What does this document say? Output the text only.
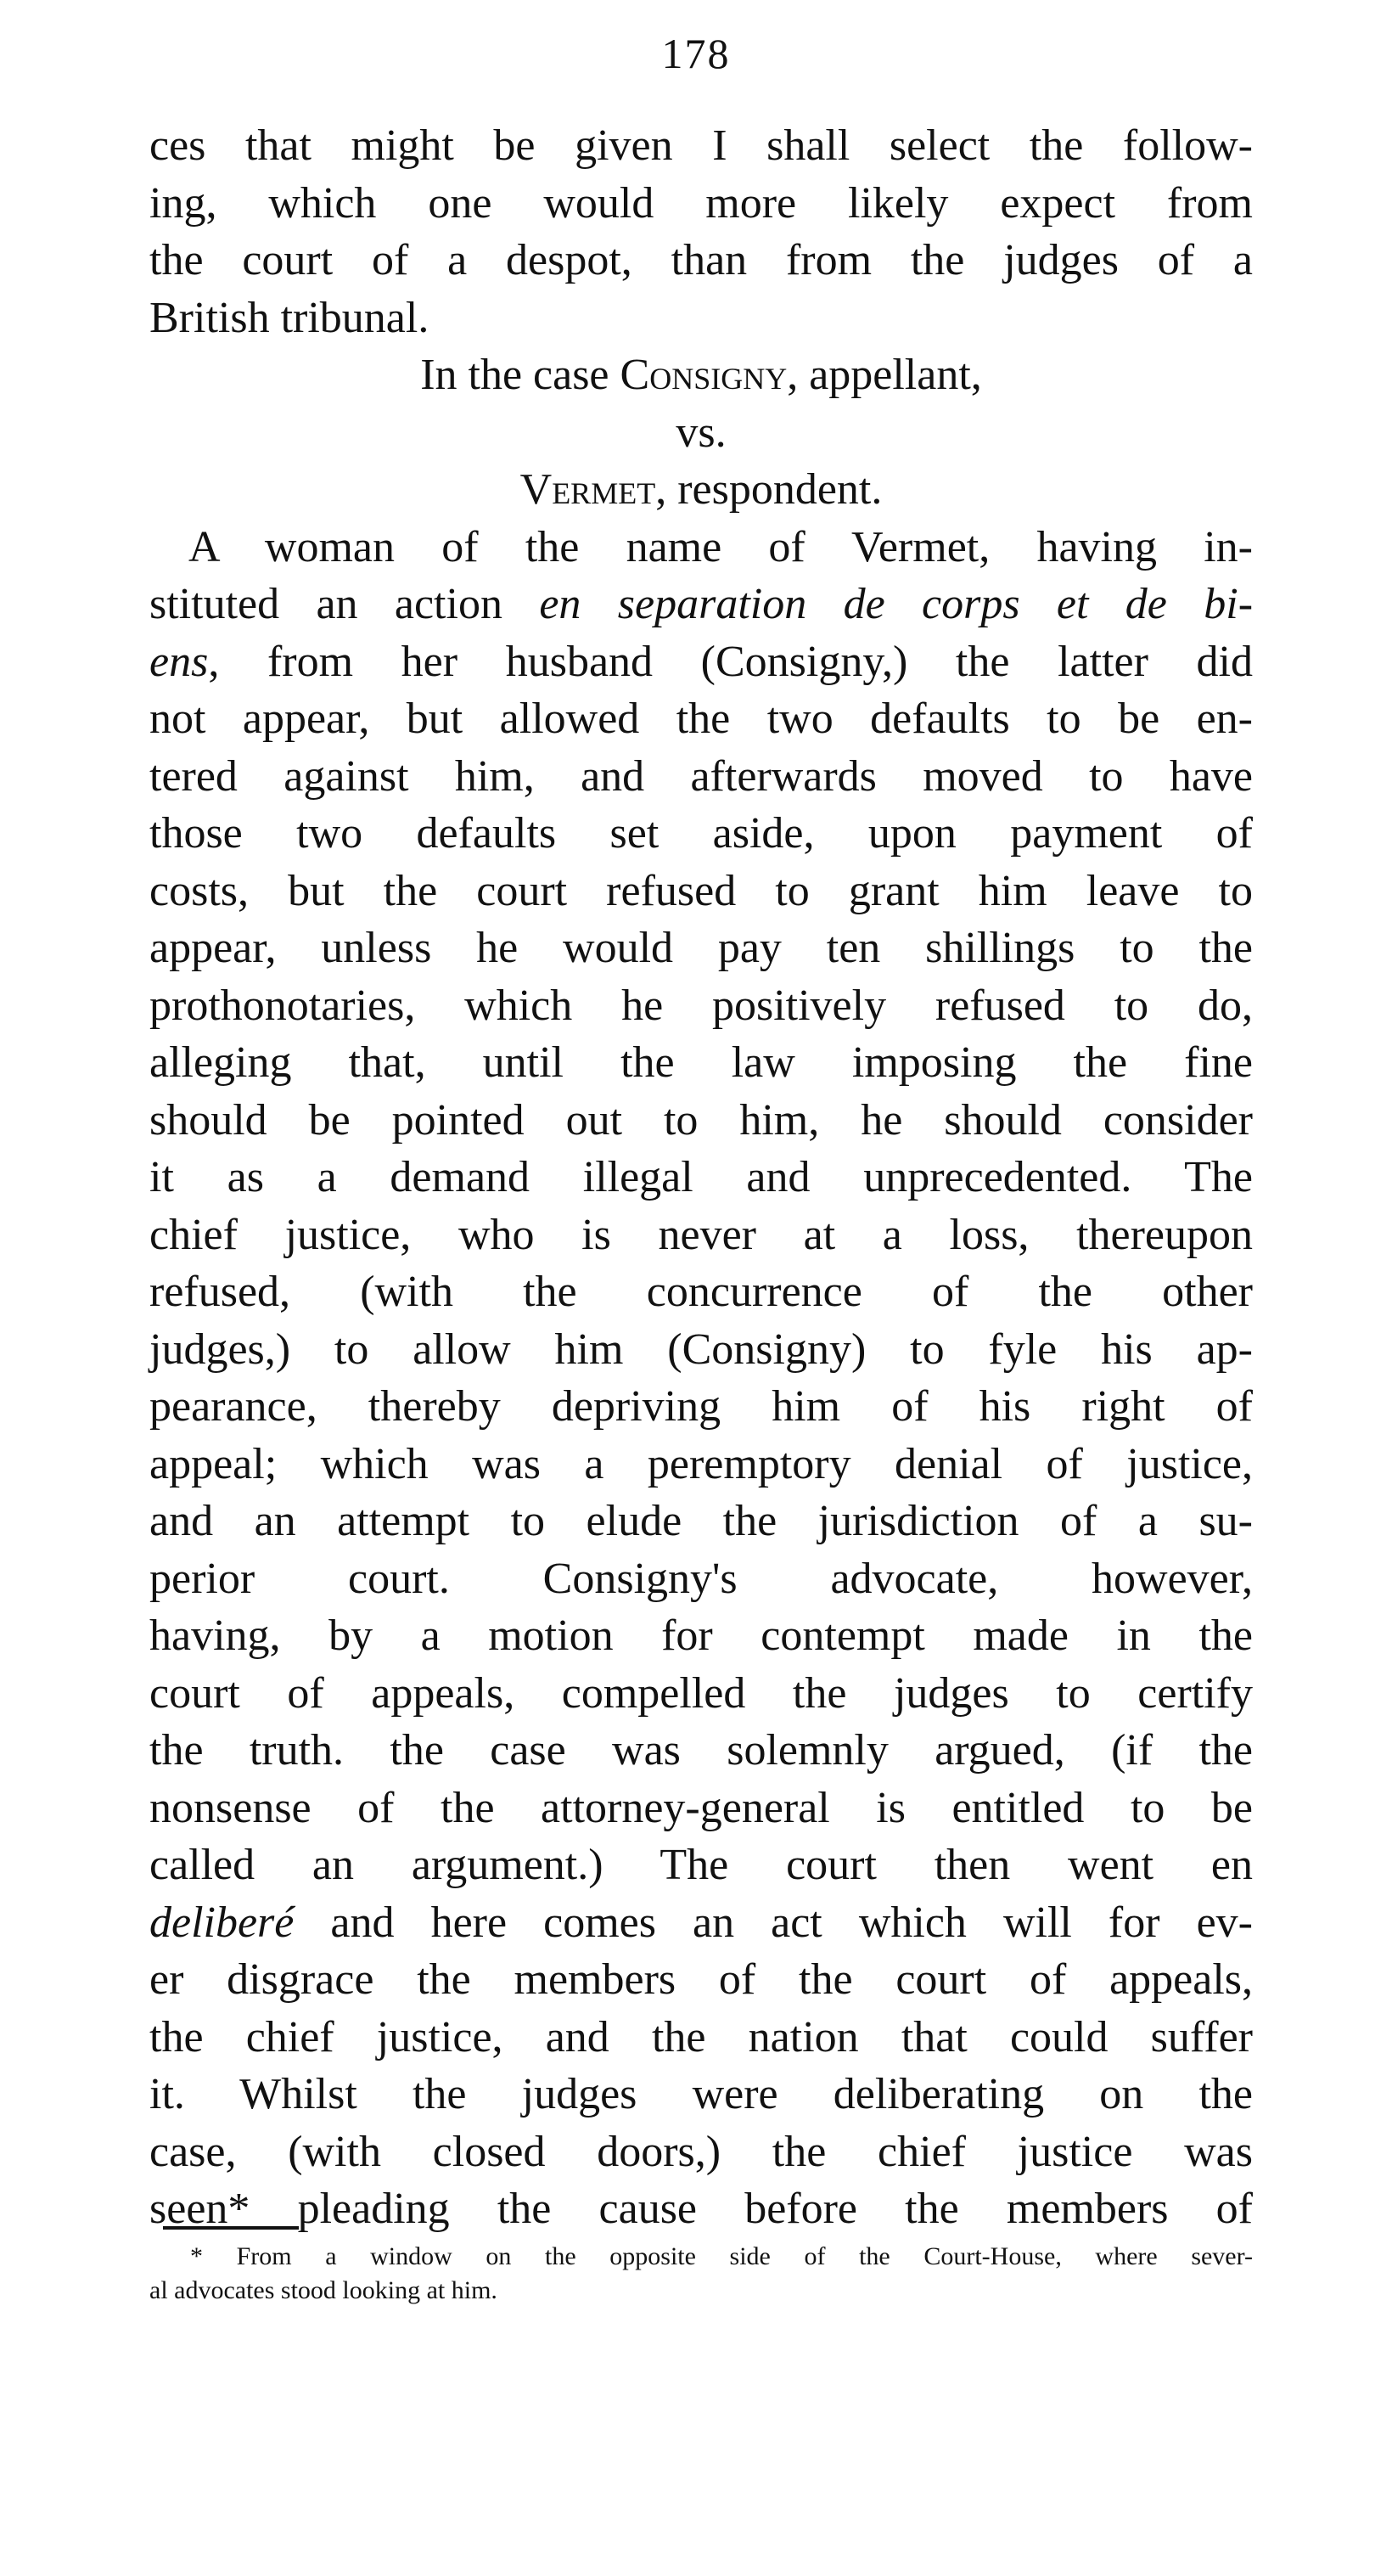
178
ces that might be given I shall select the follow-
ing, which one would more likely expect from
the court of a despot, than from the judges of a
British tribunal.
In the case Consigny, appellant,
vs.
Vermet, respondent.
A woman of the name of Vermet, having in-
stituted an action en separation de corps et de bi-
ens, from her husband (Consigny,) the latter did
not appear, but allowed the two defaults to be en-
tered against him, and afterwards moved to have
those two defaults set aside, upon payment of
costs, but the court refused to grant him leave to
appear, unless he would pay ten shillings to the
prothonotaries, which he positively refused to do,
alleging that, until the law imposing the fine
should be pointed out to him, he should consider
it as a demand illegal and unprecedented. The
chief justice, who is never at a loss, thereupon
refused, (with the concurrence of the other
judges,) to allow him (Consigny) to fyle his ap-
pearance, thereby depriving him of his right of
appeal; which was a peremptory denial of justice,
and an attempt to elude the jurisdiction of a su-
perior court. Consigny's advocate, however,
having, by a motion for contempt made in the
court of appeals, compelled the judges to certify
the truth. the case was solemnly argued, (if the
nonsense of the attorney-general is entitled to be
called an argument.) The court then went en
deliberé and here comes an act which will for ev-
er disgrace the members of the court of appeals,
the chief justice, and the nation that could suffer
it. Whilst the judges were deliberating on the
case, (with closed doors,) the chief justice was
seen* pleading the cause before the members of
* From a window on the opposite side of the Court-House, where sever-
al advocates stood looking at him.
